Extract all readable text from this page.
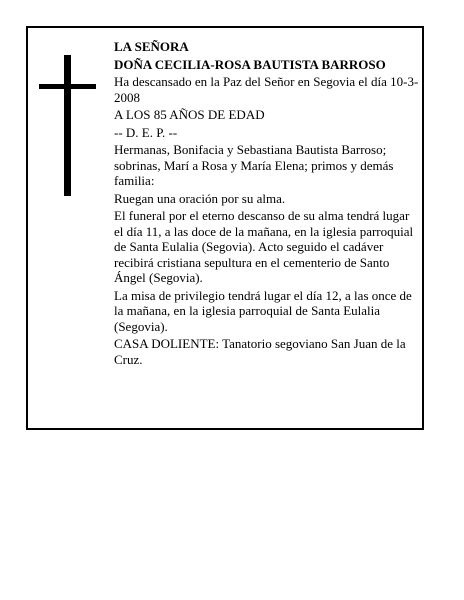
LA SEÑORA

DOÑA CECILIA-ROSA BAUTISTA BARROSO

Ha descansado en la Paz del Señor en Segovia el día 10-3-2008

A LOS 85 AÑOS DE EDAD

-- D. E. P. --

Hermanas, Bonifacia y Sebastiana Bautista Barroso; sobrinas, Marí a Rosa y María Elena; primos y demás familia:

Ruegan una oración por su alma.

El funeral por el eterno descanso de su alma tendrá lugar el día 11, a las doce de la mañana, en la iglesia parroquial de Santa Eulalia (Segovia). Acto seguido el cadáver recibirá cristiana sepultura en el cementerio de Santo Ángel (Segovia).

La misa de privilegio tendrá lugar el día 12, a las once de la mañana, en la iglesia parroquial de Santa Eulalia (Segovia).

CASA DOLIENTE: Tanatorio segoviano San Juan de la Cruz.
